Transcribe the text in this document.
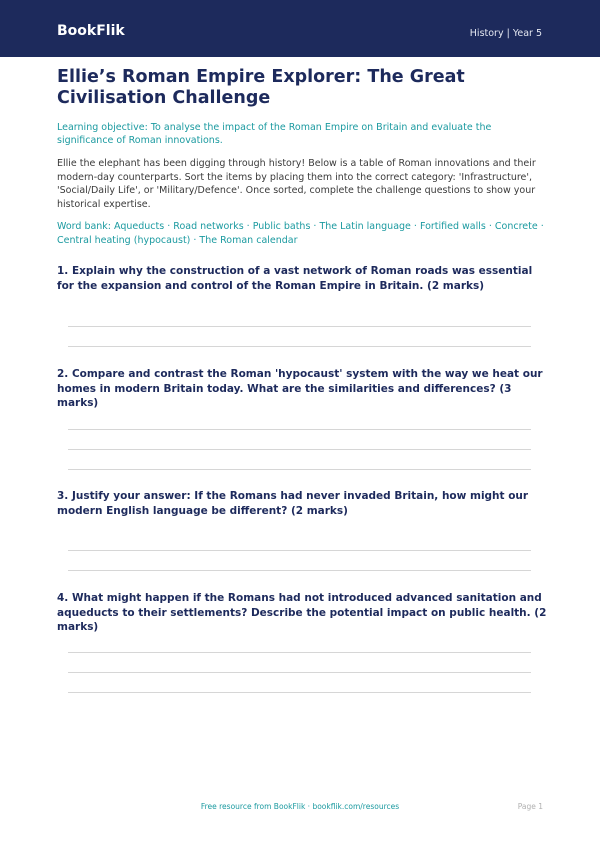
BookFlik	History | Year 5
Ellie’s Roman Empire Explorer: The Great Civilisation Challenge

Learning objective: To analyse the impact of the Roman Empire on Britain and evaluate the significance of Roman innovations.

Ellie the elephant has been digging through history! Below is a table of Roman innovations and their modern-day counterparts. Sort the items by placing them into the correct category: 'Infrastructure', 'Social/Daily Life', or 'Military/Defence'. Once sorted, complete the challenge questions to show your historical expertise.

Word bank: Aqueducts · Road networks · Public baths · The Latin language · Fortified walls · Concrete · Central heating (hypocaust) · The Roman calendar

1. Explain why the construction of a vast network of Roman roads was essential for the expansion and control of the Roman Empire in Britain. (2 marks)
2. Compare and contrast the Roman 'hypocaust' system with the way we heat our homes in modern Britain today. What are the similarities and differences? (3 marks)
3. Justify your answer: If the Romans had never invaded Britain, how might our modern English language be different? (2 marks)
4. What might happen if the Romans had not introduced advanced sanitation and aqueducts to their settlements? Describe the potential impact on public health. (2 marks)
Free resource from BookFlik · bookflik.com/resources	Page 1
